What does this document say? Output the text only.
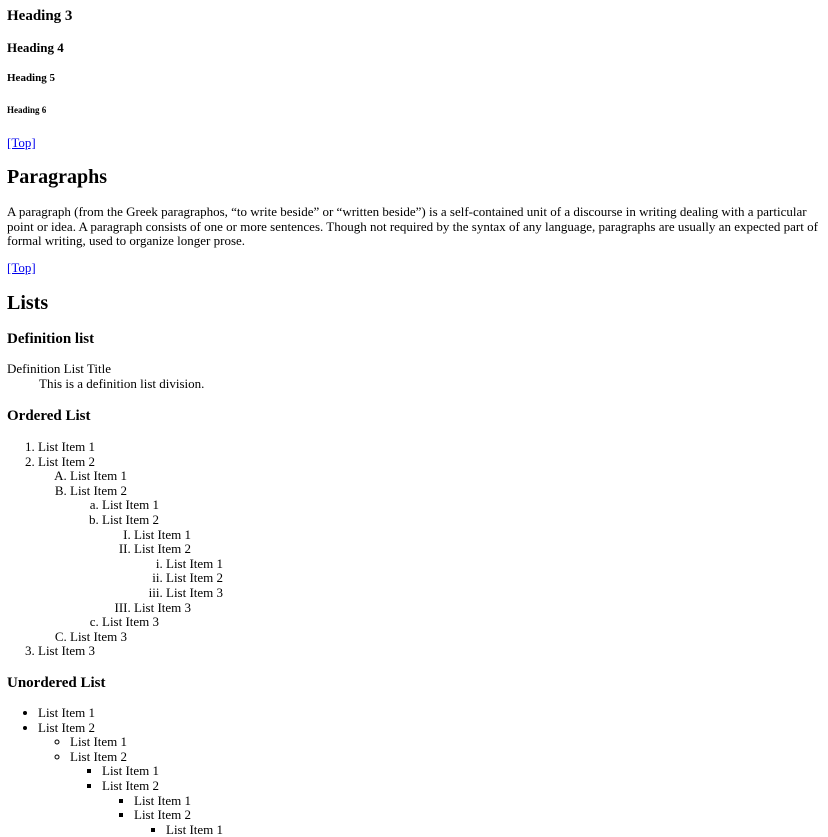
Heading 3
Heading 4
Heading 5
Heading 6
[Top]
Paragraphs

A paragraph (from the Greek paragraphos, “to write beside” or “written beside”) is a self-contained unit of a discourse in writing dealing with a particular point or idea. A paragraph consists of one or more sentences. Though not required by the syntax of any language, paragraphs are usually an expected part of formal writing, used to organize longer prose.

[Top]
Lists
Definition list
Definition List Title
This is a definition list division.
Ordered List
1. List Item 1
2. List Item 2
A. List Item 1
B. List Item 2
a. List Item 1
b. List Item 2
I. List Item 1
II. List Item 2
i. List Item 1
ii. List Item 2
iii. List Item 3
III. List Item 3
c. List Item 3
C. List Item 3
3. List Item 3
Unordered List
• List Item 1
• List Item 2
◦ List Item 1
◦ List Item 2
▪ List Item 1
▪ List Item 2
▪ List Item 1
▪ List Item 2
▪ List Item 1
